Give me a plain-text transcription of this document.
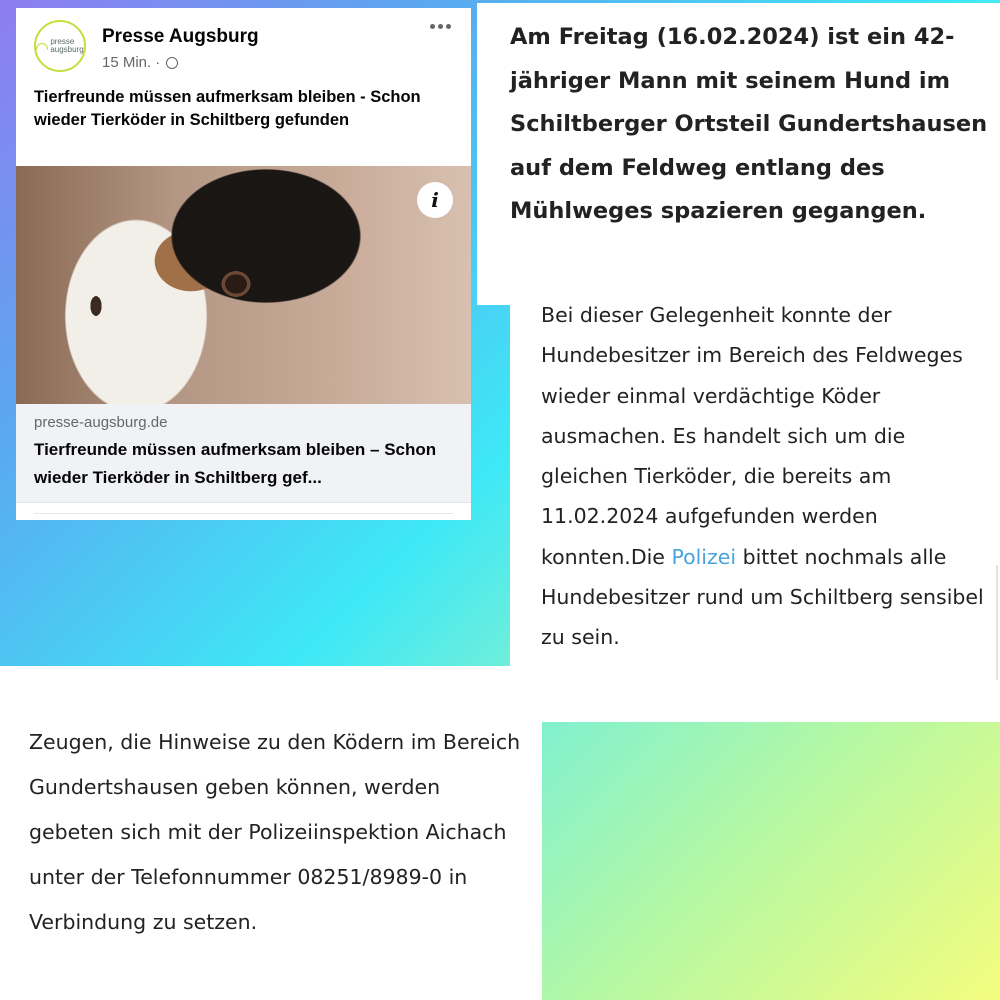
presse
augsburg
Presse Augsburg
15 Min. ·
Tierfreunde müssen aufmerksam bleiben - Schon wieder Tierköder in Schiltberg gefunden
i
presse-augsburg.de
Tierfreunde müssen aufmerksam bleiben – Schon wieder Tierköder in Schiltberg gef...
Am Freitag (16.02.2024) ist ein 42-jähriger Mann mit seinem Hund im Schiltberger Ortsteil Gundertshausen auf dem Feldweg entlang des Mühlweges spazieren gegangen.
Bei dieser Gelegenheit konnte der Hundebesitzer im Bereich des Feldweges wieder einmal verdächtige Köder ausmachen. Es handelt sich um die gleichen Tierköder, die bereits am 11.02.2024 aufgefunden werden konnten.Die Polizei bittet nochmals alle Hundebesitzer rund um Schiltberg sensibel zu sein.
Zeugen, die Hinweise zu den Ködern im Bereich Gundertshausen geben können, werden gebeten sich mit der Polizeiinspektion Aichach unter der Telefonnummer 08251/8989-0 in Verbindung zu setzen.
